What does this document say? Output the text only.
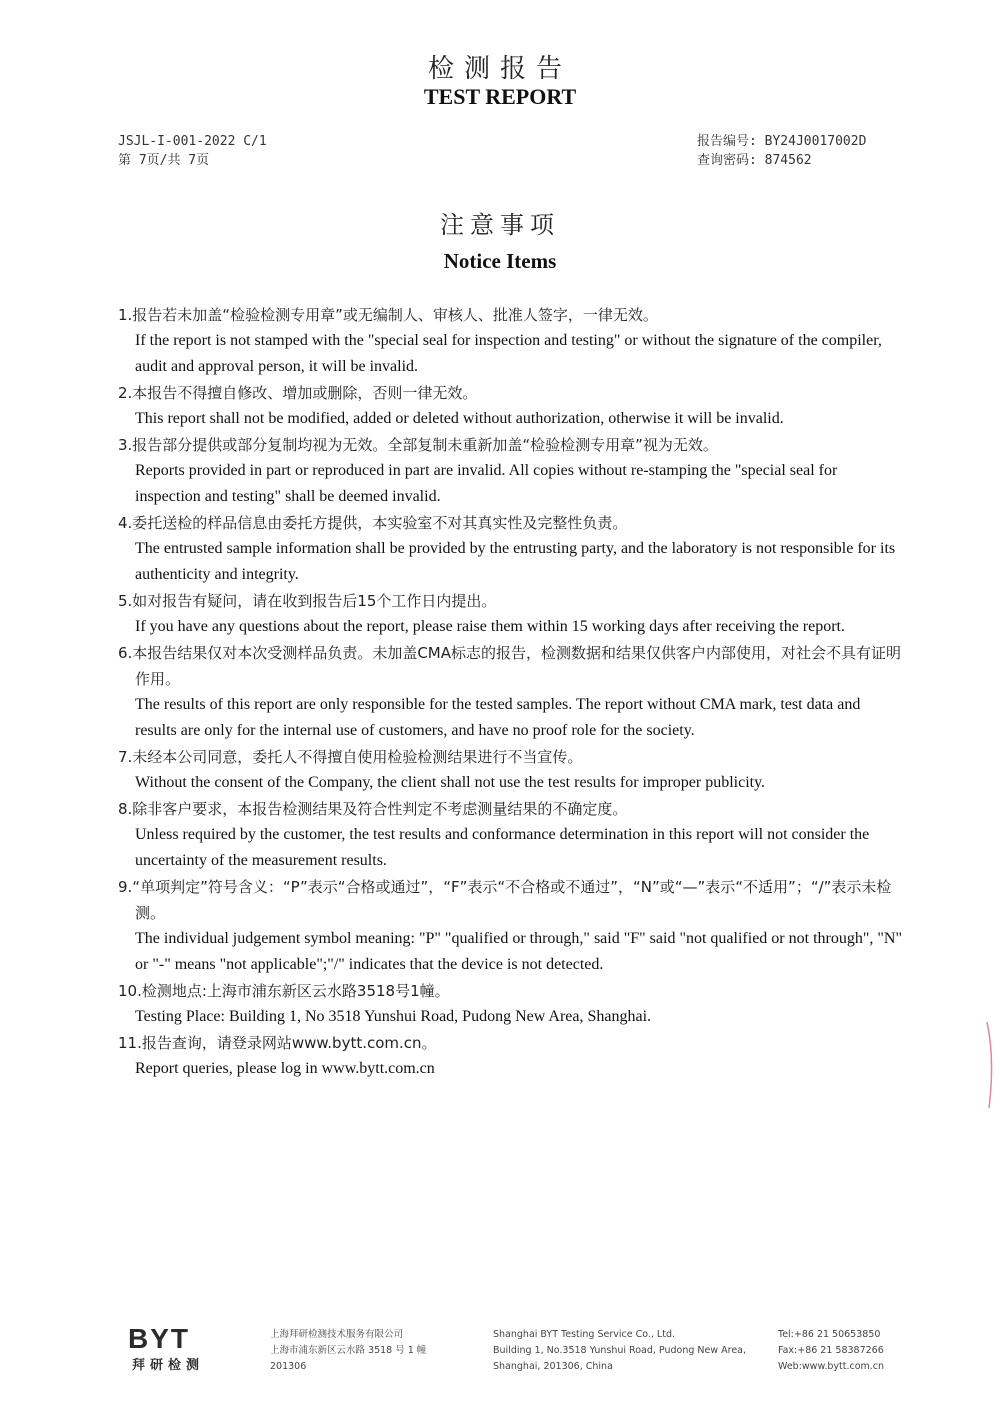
检测报告
TEST REPORT
JSJL-I-001-2022 C/1
第 7页/共 7页
报告编号: BY24J0017002D
查询密码: 874562
注意事项
Notice Items
1.报告若未加盖“检验检测专用章”或无编制人、审核人、批准人签字，一律无效。
If the report is not stamped with the "special seal for inspection and testing" or without the signature of the compiler, audit and approval person, it will be invalid.
2.本报告不得擅自修改、增加或删除，否则一律无效。
This report shall not be modified, added or deleted without authorization, otherwise it will be invalid.
3.报告部分提供或部分复制均视为无效。全部复制未重新加盖“检验检测专用章”视为无效。
Reports provided in part or reproduced in part are invalid. All copies without re-stamping the "special seal for inspection and testing" shall be deemed invalid.
4.委托送检的样品信息由委托方提供，本实验室不对其真实性及完整性负责。
The entrusted sample information shall be provided by the entrusting party, and the laboratory is not responsible for its authenticity and integrity.
5.如对报告有疑问，请在收到报告后15个工作日内提出。
If you have any questions about the report, please raise them within 15 working days after receiving the report.
6.本报告结果仅对本次受测样品负责。未加盖CMA标志的报告，检测数据和结果仅供客户内部使用，对社会不具有证明作用。
The results of this report are only responsible for the tested samples. The report without CMA mark, test data and results are only for the internal use of customers, and have no proof role for the society.
7.未经本公司同意，委托人不得擅自使用检验检测结果进行不当宣传。
Without the consent of the Company, the client shall not use the test results for improper publicity.
8.除非客户要求，本报告检测结果及符合性判定不考虑测量结果的不确定度。
Unless required by the customer, the test results and conformance determination in this report will not consider the uncertainty of the measurement results.
9.“单项判定”符号含义：“P”表示“合格或通过”，“F”表示“不合格或不通过”，“N”或“—”表示“不适用”；“/”表示未检测。
The individual judgement symbol meaning: "P" "qualified or through," said "F" said "not qualified or not through", "N" or "-" means "not applicable";"/" indicates that the device is not detected.
10.检测地点:上海市浦东新区云水路3518号1幢。
Testing Place: Building 1, No 3518 Yunshui Road, Pudong New Area, Shanghai.
11.报告查询，请登录网站www.bytt.com.cn。
Report queries, please log in www.bytt.com.cn
BYT
拜研检测
上海拜研检测技术服务有限公司
上海市浦东新区云水路 3518 号 1 幢
201306
Shanghai BYT Testing Service Co., Ltd.
Building 1, No.3518 Yunshui Road, Pudong New Area,
Shanghai, 201306, China
Tel:+86 21 50653850
Fax:+86 21 58387266
Web:www.bytt.com.cn
